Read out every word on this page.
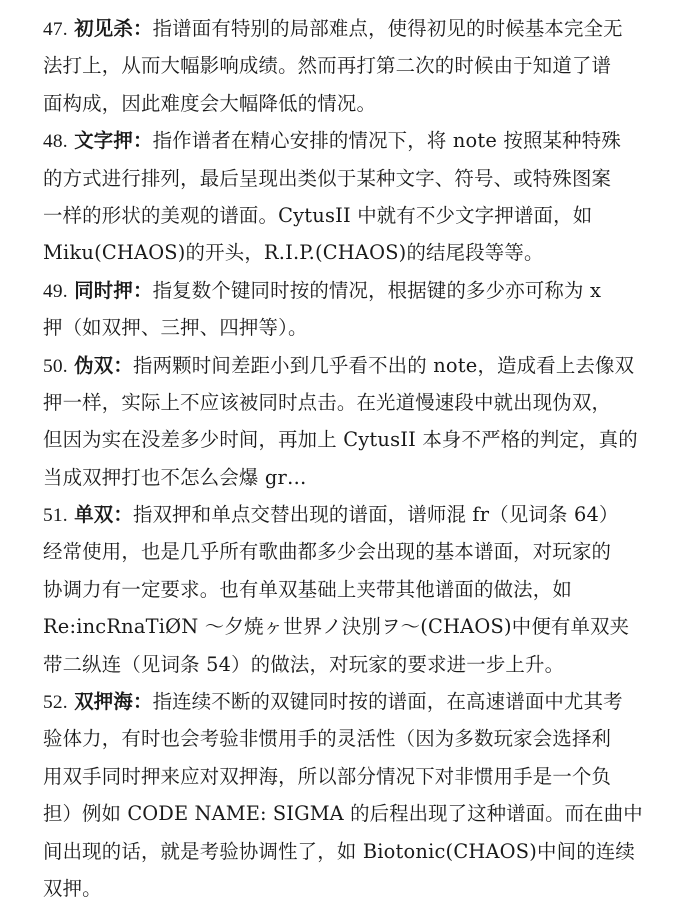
47. 初见杀：指谱面有特别的局部难点，使得初见的时候基本完全无
法打上，从而大幅影响成绩。然而再打第二次的时候由于知道了谱
面构成，因此难度会大幅降低的情况。
48. 文字押：指作谱者在精心安排的情况下，将 note 按照某种特殊
的方式进行排列，最后呈现出类似于某种文字、符号、或特殊图案
一样的形状的美观的谱面。CytusII 中就有不少文字押谱面，如
Miku(CHAOS)的开头，R.I.P.(CHAOS)的结尾段等等。
49. 同时押：指复数个键同时按的情况，根据键的多少亦可称为 x
押（如双押、三押、四押等）。
50. 伪双：指两颗时间差距小到几乎看不出的 note，造成看上去像双
押一样，实际上不应该被同时点击。在光道慢速段中就出现伪双，
但因为实在没差多少时间，再加上 CytusII 本身不严格的判定，真的
当成双押打也不怎么会爆 gr…
51. 单双：指双押和单点交替出现的谱面，谱师混 fr（见词条 64）
经常使用，也是几乎所有歌曲都多少会出现的基本谱面，对玩家的
协调力有一定要求。也有单双基础上夹带其他谱面的做法，如
Re:incRnaTiØN ～夕焼ヶ世界ノ決別ヲ～(CHAOS)中便有单双夹
带二纵连（见词条 54）的做法，对玩家的要求进一步上升。
52. 双押海：指连续不断的双键同时按的谱面，在高速谱面中尤其考
验体力，有时也会考验非惯用手的灵活性（因为多数玩家会选择利
用双手同时押来应对双押海，所以部分情况下对非惯用手是一个负
担）例如 CODE NAME: SIGMA 的后程出现了这种谱面。而在曲中
间出现的话，就是考验协调性了，如 Biotonic(CHAOS)中间的连续
双押。
